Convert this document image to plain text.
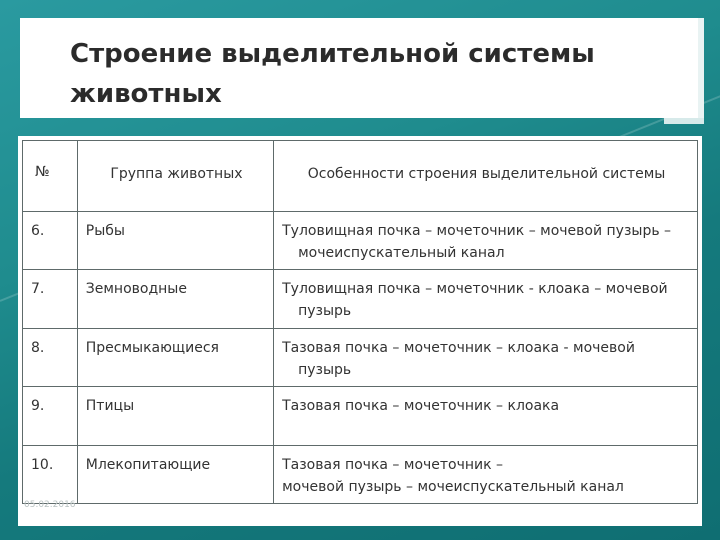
Строение выделительной системы животных
№	Группа животных	Особенности строения выделительной системы

6.	Рыбы	Туловищная почка – мочеточник – мочевой пузырь –
мочеиспускательный канал

7.	Земноводные	Туловищная почка – мочеточник - клоака – мочевой
пузырь

8.	Пресмыкающиеся	Тазовая почка – мочеточник – клоака - мочевой
пузырь

9.	Птицы	Тазовая почка – мочеточник – клоака

10.	Млекопитающие	Тазовая почка – мочеточник –
мочевой пузырь – мочеиспускательный канал
05.02.2016
